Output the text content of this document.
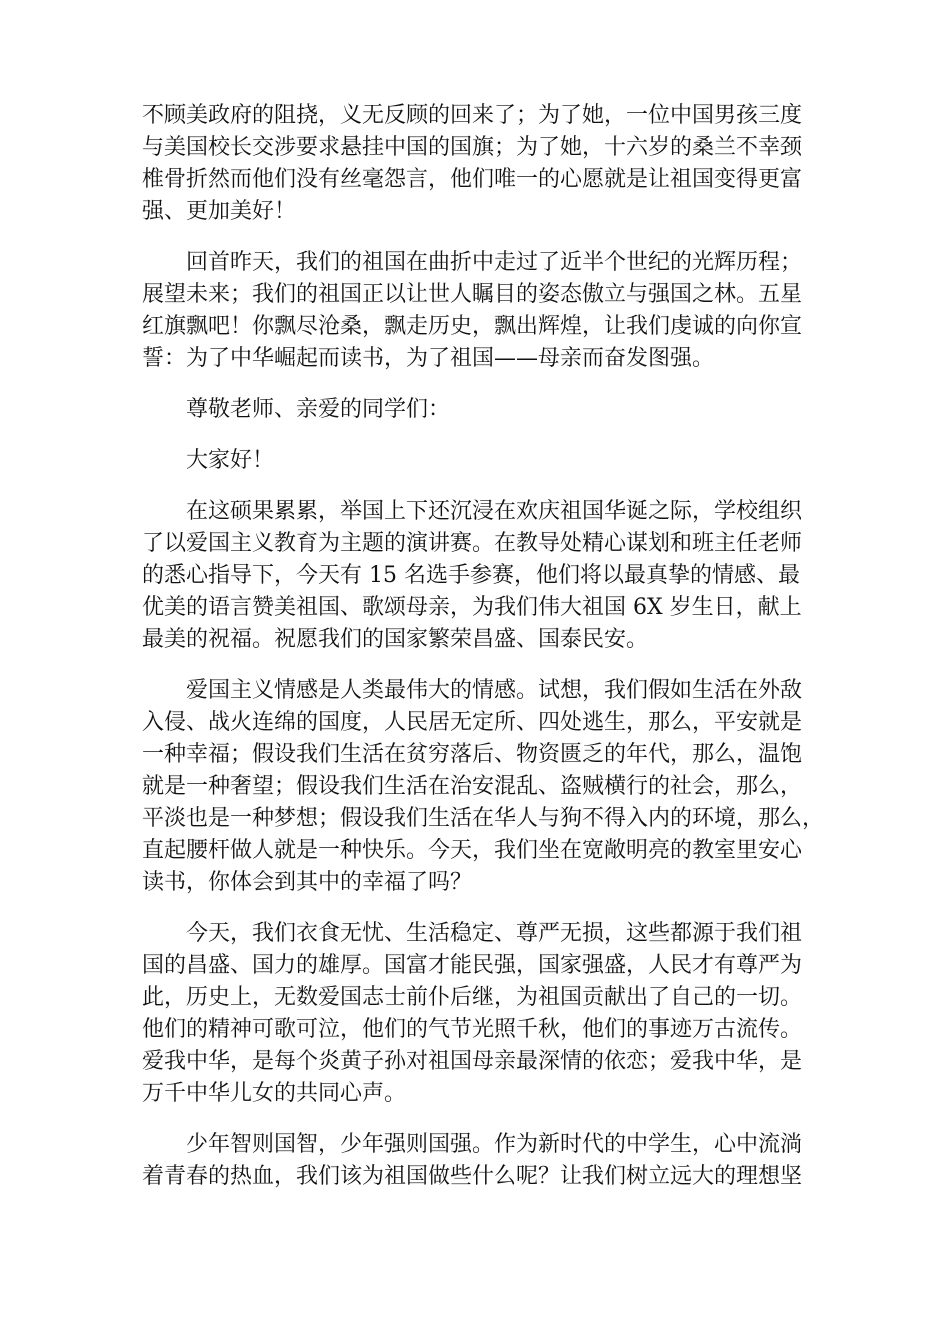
不顾美政府的阻挠，义无反顾的回来了；为了她，一位中国男孩三度
与美国校长交涉要求悬挂中国的国旗；为了她，十六岁的桑兰不幸颈
椎骨折然而他们没有丝毫怨言，他们唯一的心愿就是让祖国变得更富
强、更加美好！

　　回首昨天，我们的祖国在曲折中走过了近半个世纪的光辉历程；
展望未来；我们的祖国正以让世人瞩目的姿态傲立与强国之林。五星
红旗飘吧！你飘尽沧桑，飘走历史，飘出辉煌，让我们虔诚的向你宣
誓：为了中华崛起而读书，为了祖国——母亲而奋发图强。

　　尊敬老师、亲爱的同学们：

　　大家好！

　　在这硕果累累，举国上下还沉浸在欢庆祖国华诞之际，学校组织
了以爱国主义教育为主题的演讲赛。在教导处精心谋划和班主任老师
的悉心指导下，今天有 15 名选手参赛，他们将以最真挚的情感、最
优美的语言赞美祖国、歌颂母亲，为我们伟大祖国 6X 岁生日，献上
最美的祝福。祝愿我们的国家繁荣昌盛、国泰民安。

　　爱国主义情感是人类最伟大的情感。试想，我们假如生活在外敌
入侵、战火连绵的国度，人民居无定所、四处逃生，那么，平安就是
一种幸福；假设我们生活在贫穷落后、物资匮乏的年代，那么，温饱
就是一种奢望；假设我们生活在治安混乱、盗贼横行的社会，那么，
平淡也是一种梦想；假设我们生活在华人与狗不得入内的环境，那么，
直起腰杆做人就是一种快乐。今天，我们坐在宽敞明亮的教室里安心
读书，你体会到其中的幸福了吗？

　　今天，我们衣食无忧、生活稳定、尊严无损，这些都源于我们祖
国的昌盛、国力的雄厚。国富才能民强，国家强盛，人民才有尊严为
此，历史上，无数爱国志士前仆后继，为祖国贡献出了自己的一切。
他们的精神可歌可泣，他们的气节光照千秋，他们的事迹万古流传。
爱我中华，是每个炎黄子孙对祖国母亲最深情的依恋；爱我中华，是
万千中华儿女的共同心声。

　　少年智则国智，少年强则国强。作为新时代的中学生，心中流淌
着青春的热血，我们该为祖国做些什么呢？让我们树立远大的理想坚
